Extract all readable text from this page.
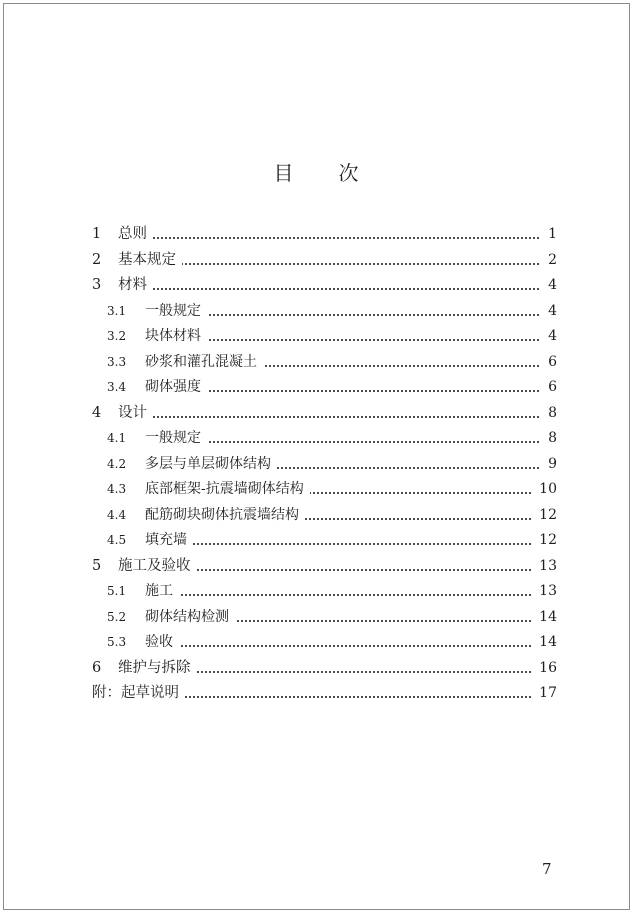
目 次
1 总则	1
2 基本规定	2
3 材料	4
3.1 一般规定	4
3.2 块体材料	4
3.3 砂浆和灌孔混凝土	6
3.4 砌体强度	6
4 设计	8
4.1 一般规定	8
4.2 多层与单层砌体结构	9
4.3 底部框架-抗震墙砌体结构	10
4.4 配筋砌块砌体抗震墙结构	12
4.5 填充墙	12
5 施工及验收	13
5.1 施工	13
5.2 砌体结构检测	14
5.3 验收	14
6 维护与拆除	16
附：起草说明	17
7
